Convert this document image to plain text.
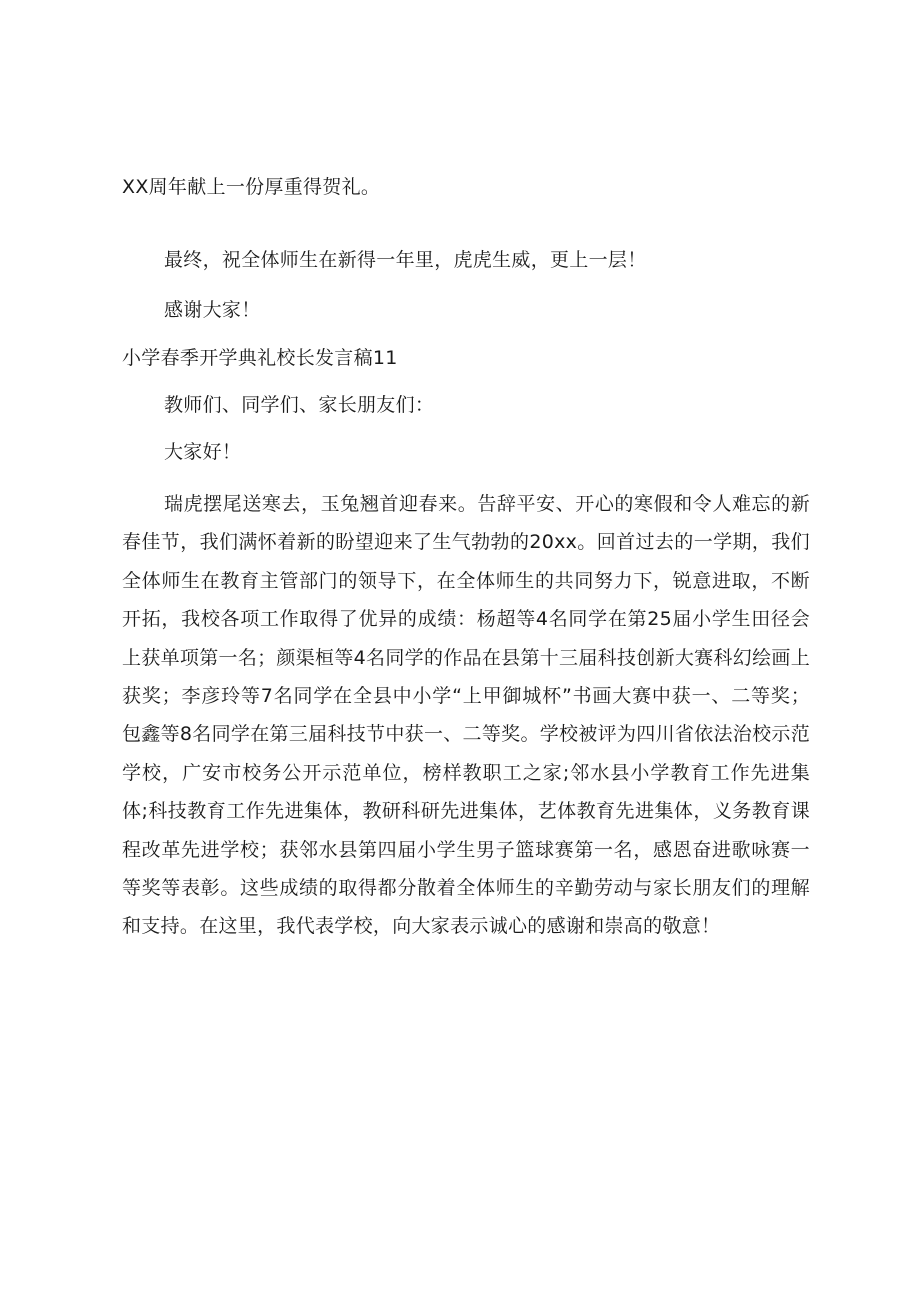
XX周年献上一份厚重得贺礼。

最终，祝全体师生在新得一年里，虎虎生威，更上一层！

感谢大家！

小学春季开学典礼校长发言稿11

教师们、同学们、家长朋友们：

大家好！

瑞虎摆尾送寒去，玉兔翘首迎春来。告辞平安、开心的寒假和令人难忘的新春佳节，我们满怀着新的盼望迎来了生气勃勃的20xx。回首过去的一学期，我们全体师生在教育主管部门的领导下，在全体师生的共同努力下，锐意进取，不断开拓，我校各项工作取得了优异的成绩：杨超等4名同学在第25届小学生田径会上获单项第一名；颜渠桓等4名同学的作品在县第十三届科技创新大赛科幻绘画上获奖；李彦玲等7名同学在全县中小学“上甲御城杯”书画大赛中获一、二等奖；包鑫等8名同学在第三届科技节中获一、二等奖。学校被评为四川省依法治校示范学校，广安市校务公开示范单位，榜样教职工之家;邻水县小学教育工作先进集体;科技教育工作先进集体，教研科研先进集体，艺体教育先进集体，义务教育课程改革先进学校；获邻水县第四届小学生男子篮球赛第一名，感恩奋进歌咏赛一等奖等表彰。这些成绩的取得都分散着全体师生的辛勤劳动与家长朋友们的理解和支持。在这里，我代表学校，向大家表示诚心的感谢和崇高的敬意！
